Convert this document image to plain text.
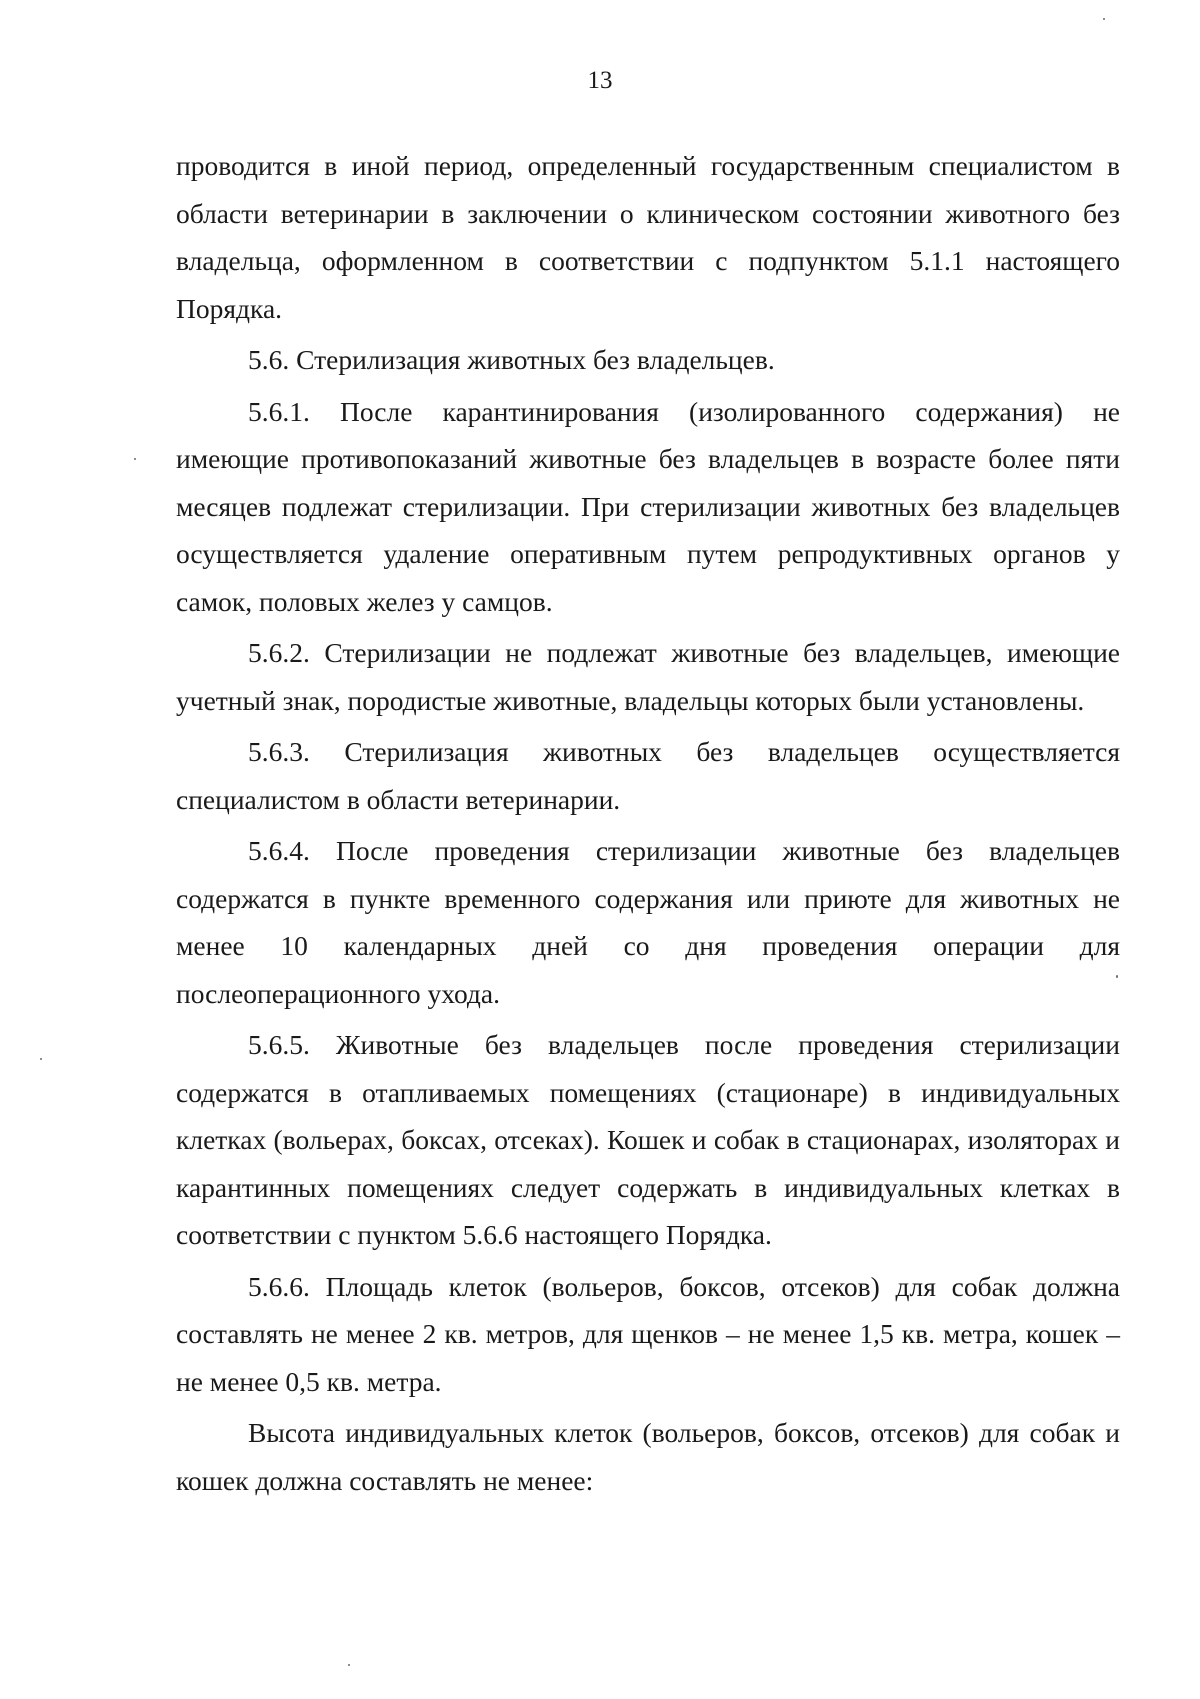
13

проводится в иной период, определенный государственным специалистом в области ветеринарии в заключении о клиническом состоянии животного без владельца, оформленном в соответствии с подпунктом 5.1.1 настоящего Порядка.

5.6. Стерилизация животных без владельцев.

5.6.1. После карантинирования (изолированного содержания) не имеющие противопоказаний животные без владельцев в возрасте более пяти месяцев подлежат стерилизации. При стерилизации животных без владельцев осуществляется удаление оперативным путем репродуктивных органов у самок, половых желез у самцов.

5.6.2. Стерилизации не подлежат животные без владельцев, имеющие учетный знак, породистые животные, владельцы которых были установлены.

5.6.3. Стерилизация животных без владельцев осуществляется специалистом в области ветеринарии.

5.6.4. После проведения стерилизации животные без владельцев содержатся в пункте временного содержания или приюте для животных не менее 10 календарных дней со дня проведения операции для послеоперационного ухода.

5.6.5. Животные без владельцев после проведения стерилизации содержатся в отапливаемых помещениях (стационаре) в индивидуальных клетках (вольерах, боксах, отсеках). Кошек и собак в стационарах, изоляторах и карантинных помещениях следует содержать в индивидуальных клетках в соответствии с пунктом 5.6.6 настоящего Порядка.

5.6.6. Площадь клеток (вольеров, боксов, отсеков) для собак должна составлять не менее 2 кв. метров, для щенков – не менее 1,5 кв. метра, кошек – не менее 0,5 кв. метра.

Высота индивидуальных клеток (вольеров, боксов, отсеков) для собак и кошек должна составлять не менее:
